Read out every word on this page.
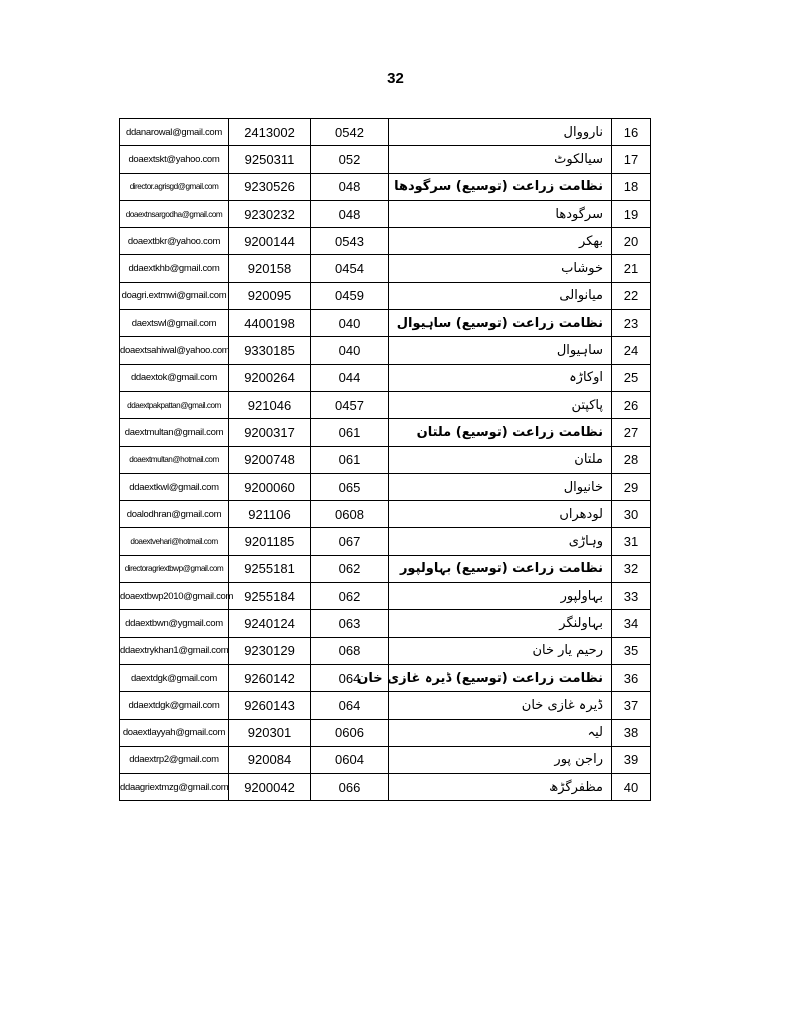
32
ddanarowal@gmail.com	2413002	0542	نارووال	16
doaextskt@yahoo.com	9250311	052	سیالکوٹ	17
director.agrisgd@gmail.com	9230526	048	نظامت زراعت (توسیع) سرگودھا	18
doaextnsargodha@gmail.com	9230232	048	سرگودھا	19
doaextbkr@yahoo.com	9200144	0543	بھکر	20
ddaextkhb@gmail.com	920158	0454	خوشاب	21
doagri.extmwi@gmail.com	920095	0459	میانوالی	22
daextswl@gmail.com	4400198	040	نظامت زراعت (توسیع) ساہیوال	23
doaextsahiwal@yahoo.com	9330185	040	ساہیوال	24
ddaextok@gmail.com	9200264	044	اوکاڑہ	25
ddaextpakpattan@gmail.com	921046	0457	پاکپتن	26
daextmultan@gmail.com	9200317	061	نظامت زراعت (توسیع) ملتان	27
doaextmultan@hotmail.com	9200748	061	ملتان	28
ddaextkwl@gmail.com	9200060	065	خانیوال	29
doalodhran@gmail.com	921106	0608	لودھراں	30
doaextvehari@hotmail.com	9201185	067	وہاڑی	31
directoragriextbwp@gmail.com	9255181	062	نظامت زراعت (توسیع) بہاولپور	32
doaextbwp2010@gmail.com	9255184	062	بہاولپور	33
ddaextbwn@ygmail.com	9240124	063	بہاولنگر	34
ddaextrykhan1@gmail.com	9230129	068	رحیم یار خان	35
daextdgk@gmail.com	9260142	064	نظامت زراعت (توسیع) ڈیرہ غازی خان	36
ddaextdgk@gmail.com	9260143	064	ڈیرہ غازی خان	37
doaextlayyah@gmail.com	920301	0606	لیہ	38
ddaextrp2@gmail.com	920084	0604	راجن پور	39
ddaagriextmzg@gmail.com	9200042	066	مظفرگڑھ	40
